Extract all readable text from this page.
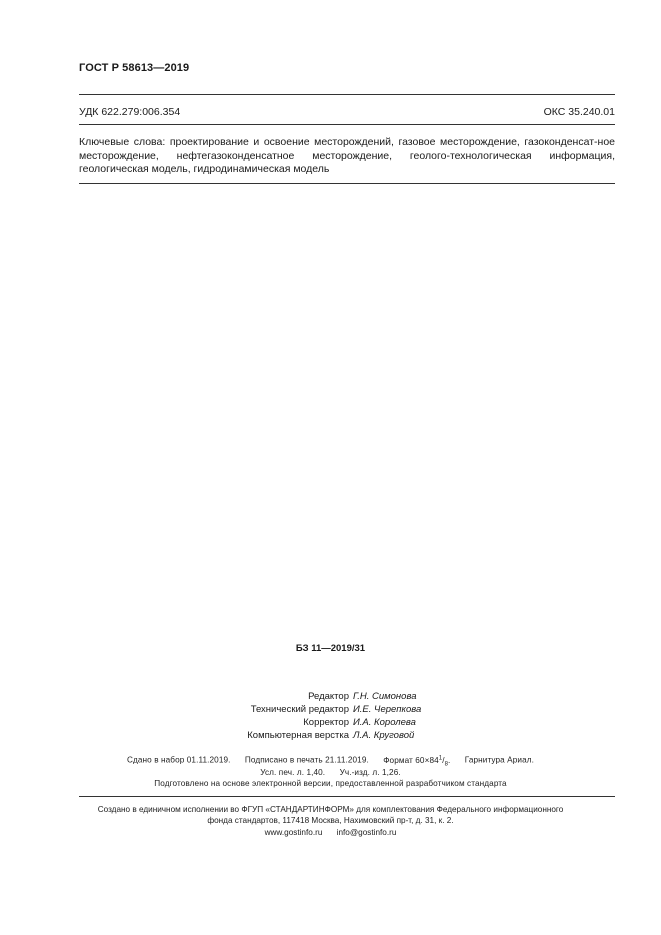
ГОСТ Р 58613—2019
УДК 622.279:006.354	ОКС 35.240.01
Ключевые слова: проектирование и освоение месторождений, газовое месторождение, газоконденсат-ное месторождение, нефтегазоконденсатное месторождение, геолого-технологическая информация, геологическая модель, гидродинамическая модель
БЗ 11—2019/31
Редактор Г.Н. Симонова
Технический редактор И.Е. Черепкова
Корректор И.А. Королева
Компьютерная верстка Л.А. Круговой
Сдано в набор 01.11.2019. Подписано в печать 21.11.2019. Формат $60\times 84^1/_8$. Гарнитура Ариал.
Усл. печ. л. 1,40. Уч.-изд. л. 1,26.
Подготовлено на основе электронной версии, предоставленной разработчиком стандарта
Создано в единичном исполнении во ФГУП «СТАНДАРТИНФОРМ» для комплектования Федерального информационного
фонда стандартов, 117418 Москва, Нахимовский пр-т, д. 31, к. 2.
www.gostinfo.ru info@gostinfo.ru
